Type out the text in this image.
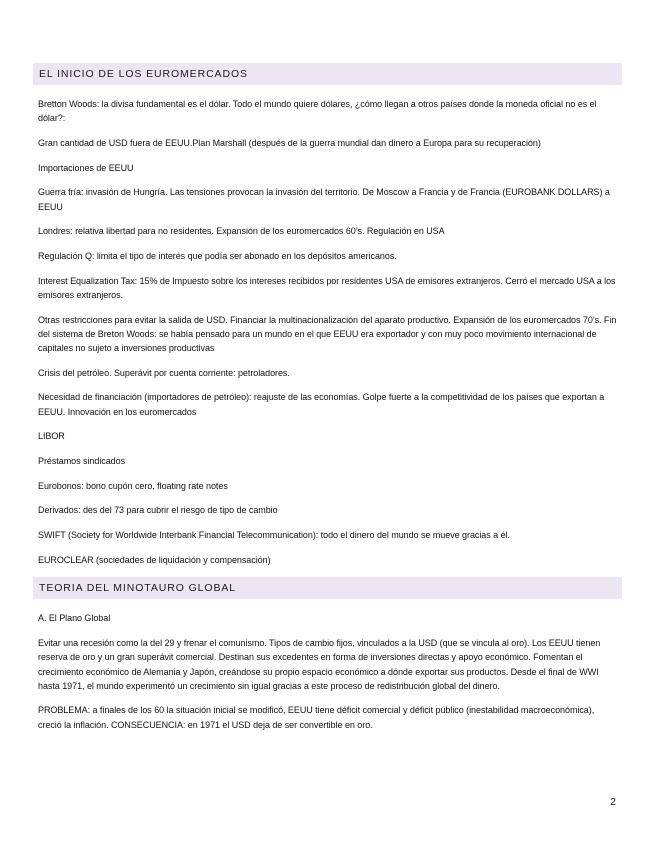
EL INICIO DE LOS EUROMERCADOS

Bretton Woods: la divisa fundamental es el dólar. Todo el mundo quiere dólares, ¿cómo llegan a otros países donde la moneda oficial no es el dólar?:

Gran cantidad de USD fuera de EEUU.Plan Marshall (después de la guerra mundial dan dinero a Europa para su recuperación)

Importaciones de EEUU

Guerra fría: invasión de Hungría. Las tensiones provocan la invasión del territorio. De Moscow a Francia y de Francia (EUROBANK DOLLARS) a EEUU

Londres: relativa libertad para no residentes. Expansión de los euromercados 60’s. Regulación en USA

Regulación Q: limita el tipo de interés que podía ser abonado en los depósitos americanos.

Interest Equalization Tax: 15% de Impuesto sobre los intereses recibidos por residentes USA de emisores extranjeros. Cerró el mercado USA a los emisores extranjeros.

Otras restricciones para evitar la salida de USD. Financiar la multinacionalización del aparato productivo. Expansión de los euromercados 70’s. Fin del sistema de Breton Woods: se había pensado para un mundo en el que EEUU era exportador y con muy poco movimiento internacional de capitales no sujeto a inversiones productivas

Crisis del petróleo. Superávit por cuenta corriente: petroladores.

Necesidad de financiación (importadores de petróleo): reajuste de las economías. Golpe fuerte a la competitividad de los países que exportan a EEUU. Innovación en los euromercados

LIBOR

Préstamos sindicados

Eurobonos: bono cupón cero, floating rate notes

Derivados: des del 73 para cubrir el riesgo de tipo de cambio

SWIFT (Society for Worldwide Interbank Financial Telecommunication): todo el dinero del mundo se mueve gracias a él.

EUROCLEAR (sociedades de liquidación y compensación)

TEORIA DEL MINOTAURO GLOBAL

A. El Plano Global

Evitar una recesión como la del 29 y frenar el comunismo. Tipos de cambio fijos, vinculados a la USD (que se vincula al oro). Los EEUU tienen reserva de oro y un gran superávit comercial. Destinan sus excedentes en forma de inversiones directas y apoyo económico. Fomentan el crecimiento económico de Alemania y Japón, creándose su propio espacio económico a dónde exportar sus productos. Desde el final de WWI hasta 1971, el mundo experimentó un crecimiento sin igual gracias a este proceso de redistribución global del dinero.

PROBLEMA: a finales de los 60 la situación inicial se modificó, EEUU tiene déficit comercial y déficit público (inestabilidad macroeconómica), creció la inflación. CONSECUENCIA: en 1971 el USD deja de ser convertible en oro.

2
